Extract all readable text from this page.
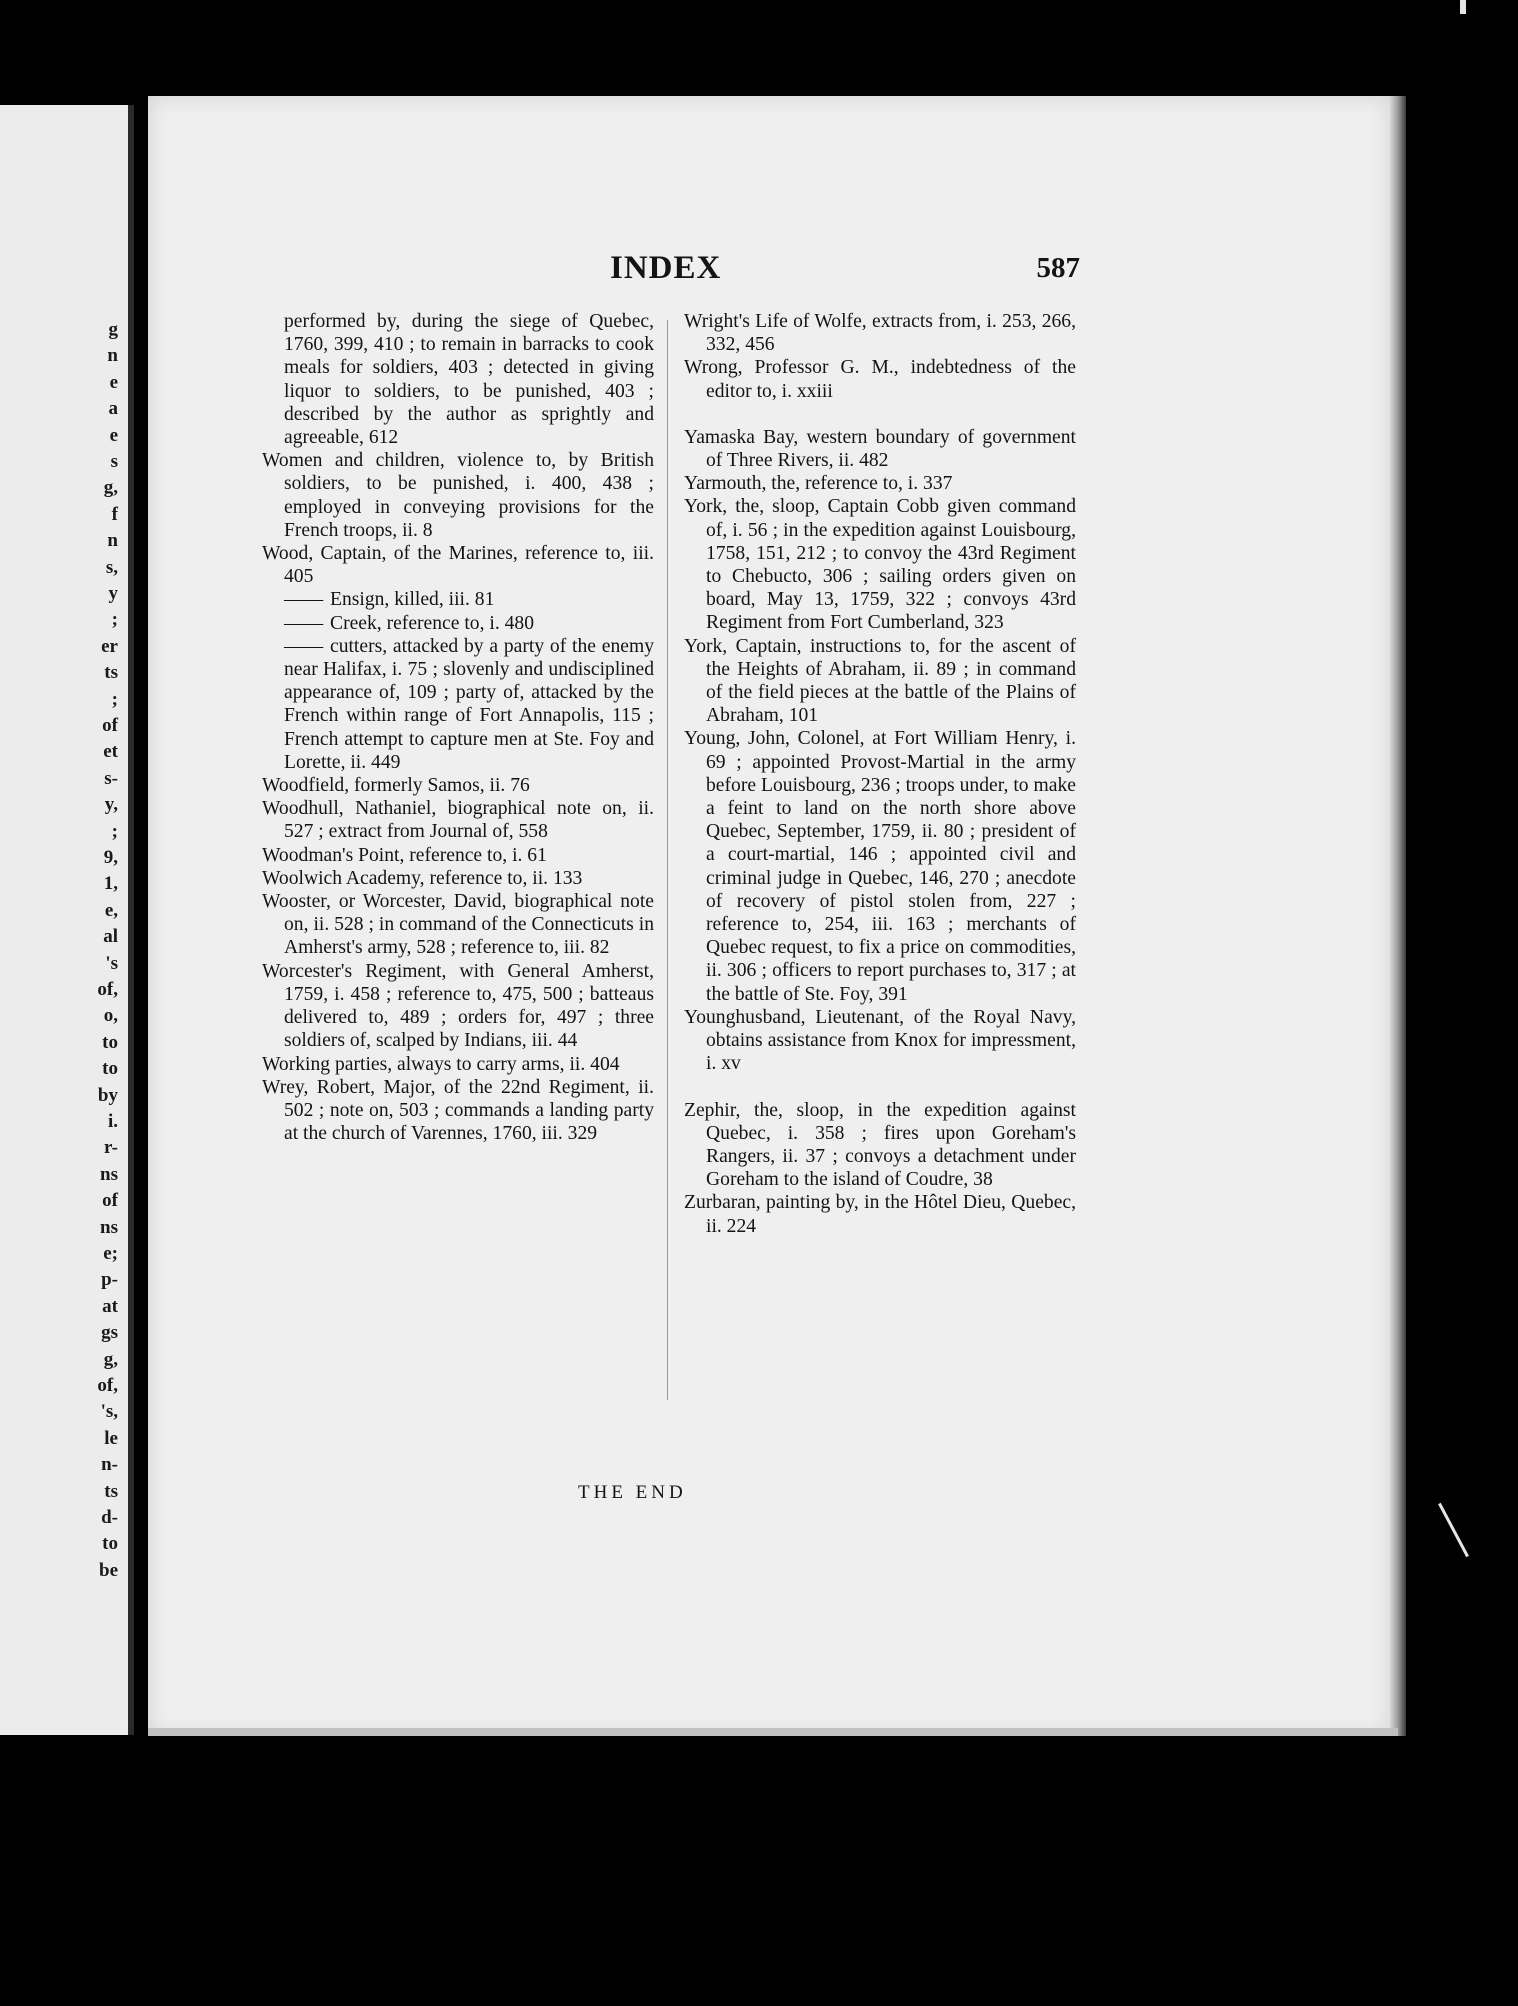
g
n
e
a
e
s
g,
f
n
s,
y
;
er
ts
;
of
et
s-
y,
;
9,
1,
e,
al
's
of,
o,
to
to
by
i.
r-
ns
of
ns
e;
p-
at
gs
g,
of,
's,
le
n-
ts
d-
to
be
INDEX	587
performed by, during the siege of Quebec, 1760, 399, 410 ; to remain in barracks to cook meals for soldiers, 403 ; detected in giving liquor to soldiers, to be punished, 403 ; described by the author as sprightly and agreeable, 612
Women and children, violence to, by British soldiers, to be punished, i. 400, 438 ; employed in conveying provisions for the French troops, ii. 8
Wood, Captain, of the Marines, reference to, iii. 405
——Ensign, killed, iii. 81
——Creek, reference to, i. 480
——cutters, attacked by a party of the enemy near Halifax, i. 75 ; slovenly and undisciplined appearance of, 109 ; party of, attacked by the French within range of Fort Annapolis, 115 ; French attempt to capture men at Ste. Foy and Lorette, ii. 449
Woodfield, formerly Samos, ii. 76
Woodhull, Nathaniel, biographical note on, ii. 527 ; extract from Journal of, 558
Woodman's Point, reference to, i. 61
Woolwich Academy, reference to, ii. 133
Wooster, or Worcester, David, biographical note on, ii. 528 ; in command of the Connecticuts in Amherst's army, 528 ; reference to, iii. 82
Worcester's Regiment, with General Amherst, 1759, i. 458 ; reference to, 475, 500 ; batteaus delivered to, 489 ; orders for, 497 ; three soldiers of, scalped by Indians, iii. 44
Working parties, always to carry arms, ii. 404
Wrey, Robert, Major, of the 22nd Regiment, ii. 502 ; note on, 503 ; commands a landing party at the church of Varennes, 1760, iii. 329
Wright's Life of Wolfe, extracts from, i. 253, 266, 332, 456
Wrong, Professor G. M., indebtedness of the editor to, i. xxiii
Yamaska Bay, western boundary of government of Three Rivers, ii. 482
Yarmouth, the, reference to, i. 337
York, the, sloop, Captain Cobb given command of, i. 56 ; in the expedition against Louisbourg, 1758, 151, 212 ; to convoy the 43rd Regiment to Chebucto, 306 ; sailing orders given on board, May 13, 1759, 322 ; convoys 43rd Regiment from Fort Cumberland, 323
York, Captain, instructions to, for the ascent of the Heights of Abraham, ii. 89 ; in command of the field pieces at the battle of the Plains of Abraham, 101
Young, John, Colonel, at Fort William Henry, i. 69 ; appointed Provost-Martial in the army before Louisbourg, 236 ; troops under, to make a feint to land on the north shore above Quebec, September, 1759, ii. 80 ; president of a court-martial, 146 ; appointed civil and criminal judge in Quebec, 146, 270 ; anecdote of recovery of pistol stolen from, 227 ; reference to, 254, iii. 163 ; merchants of Quebec request, to fix a price on commodities, ii. 306 ; officers to report purchases to, 317 ; at the battle of Ste. Foy, 391
Younghusband, Lieutenant, of the Royal Navy, obtains assistance from Knox for impressment, i. xv
Zephir, the, sloop, in the expedition against Quebec, i. 358 ; fires upon Goreham's Rangers, ii. 37 ; convoys a detachment under Goreham to the island of Coudre, 38
Zurbaran, painting by, in the Hôtel Dieu, Quebec, ii. 224
THE END
